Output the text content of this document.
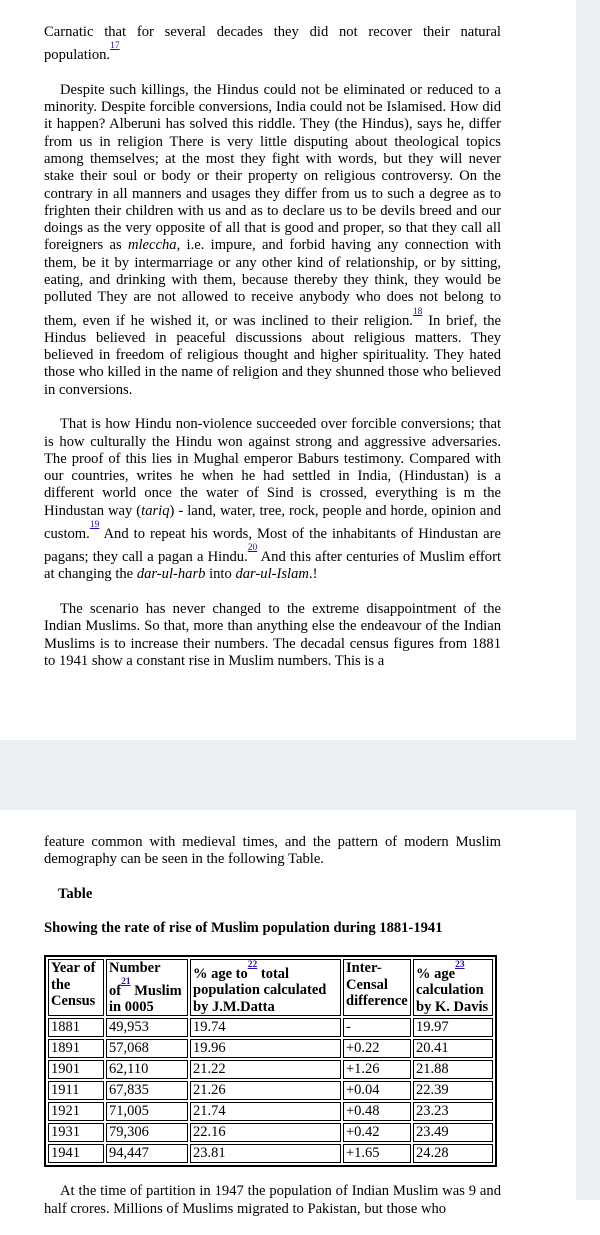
Carnatic that for several decades they did not recover their natural population.$^{^{17}}$

Despite such killings, the Hindus could not be eliminated or reduced to a minority. Despite forcible conversions, India could not be Islamised. How did it happen? Alberuni has solved this riddle. They (the Hindus), says he, differ from us in religion There is very little disputing about theological topics among themselves; at the most they fight with words, but they will never stake their soul or body or their property on religious controversy. On the contrary in all manners and usages they differ from us to such a degree as to frighten their children with us and as to declare us to be devils breed and our doings as the very opposite of all that is good and proper, so that they call all foreigners as mleccha, i.e. impure, and forbid having any connection with them, be it by intermarriage or any other kind of relationship, or by sitting, eating, and drinking with them, because thereby they think, they would be polluted They are not allowed to receive anybody who does not belong to them, even if he wished it, or was inclined to their religion.$^{^{18}}$ In brief, the Hindus believed in peaceful discussions about religious matters. They believed in freedom of religious thought and higher spirituality. They hated those who killed in the name of religion and they shunned those who believed in conversions.

That is how Hindu non-violence succeeded over forcible conversions; that is how culturally the Hindu won against strong and aggressive adversaries. The proof of this lies in Mughal emperor Baburs testimony. Compared with our countries, writes he when he had settled in India, (Hindustan) is a different world once the water of Sind is crossed, everything is m the Hindustan way (tariq) - land, water, tree, rock, people and horde, opinion and custom.$^{^{19}}$ And to repeat his words, Most of the inhabitants of Hindustan are pagans; they call a pagan a Hindu.$^{^{20}}$ And this after centuries of Muslim effort at changing the dar-ul-harb into dar-ul-Islam.!

The scenario has never changed to the extreme disappointment of the Indian Muslims. So that, more than anything else the endeavour of the Indian Muslims is to increase their numbers. The decadal census figures from 1881 to 1941 show a constant rise in Muslim numbers. This is a

feature common with medieval times, and the pattern of modern Muslim demography can be seen in the following Table.

Table

Showing the rate of rise of Muslim population during 1881-1941

Year of the Census	Number of$^{^{21}}$ Muslim in 0005	% age to$^{^{22}}$ total population calculated by J.M.Datta	Inter-Censal difference	% age$^{^{23}}$ calculation by K. Davis
1881	49,953	19.74	-	19.97
1891	57,068	19.96	+0.22	20.41
1901	62,110	21.22	+1.26	21.88
1911	67,835	21.26	+0.04	22.39
1921	71,005	21.74	+0.48	23.23
1931	79,306	22.16	+0.42	23.49
1941	94,447	23.81	+1.65	24.28

At the time of partition in 1947 the population of Indian Muslim was 9 and half crores. Millions of Muslims migrated to Pakistan, but those who
